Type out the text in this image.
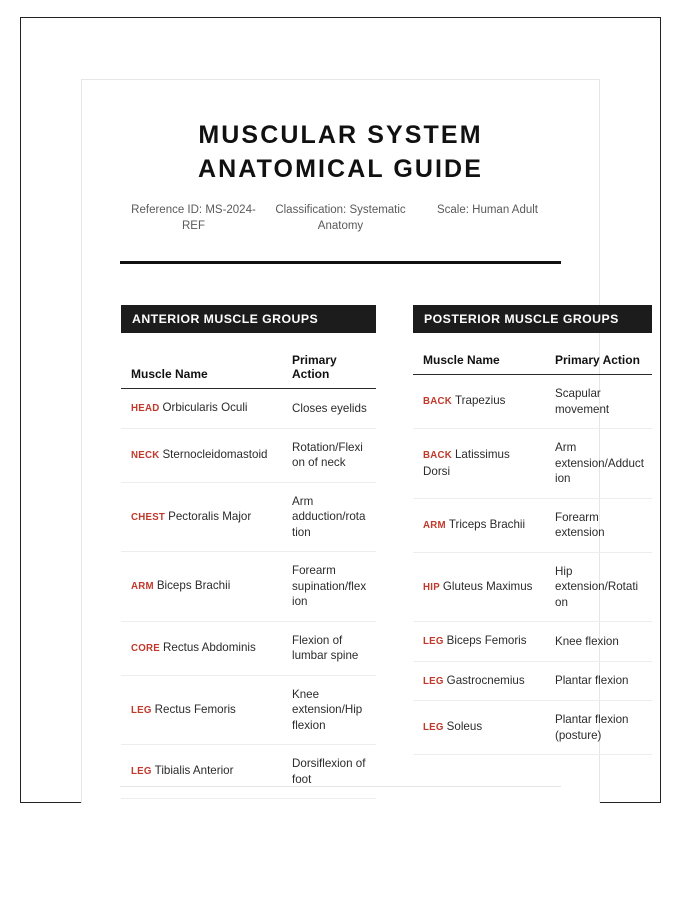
MUSCULAR SYSTEM
ANATOMICAL GUIDE
Reference ID: MS-2024-REF
Classification: Systematic Anatomy
Scale: Human Adult
ANTERIOR MUSCLE GROUPS
Muscle Name	Primary Action
HEAD Orbicularis Oculi	Closes eyelids
NECK Sternocleidomastoid	Rotation/Flexion of neck
CHEST Pectoralis Major	Arm adduction/rotation
ARM Biceps Brachii	Forearm supination/flexion
CORE Rectus Abdominis	Flexion of lumbar spine
LEG Rectus Femoris	Knee extension/Hip flexion
LEG Tibialis Anterior	Dorsiflexion of foot
POSTERIOR MUSCLE GROUPS
Muscle Name	Primary Action
BACK Trapezius	Scapular movement
BACK Latissimus Dorsi	Arm extension/Adduction
ARM Triceps Brachii	Forearm extension
HIP Gluteus Maximus	Hip extension/Rotation
LEG Biceps Femoris	Knee flexion
LEG Gastrocnemius	Plantar flexion
LEG Soleus	Plantar flexion (posture)
